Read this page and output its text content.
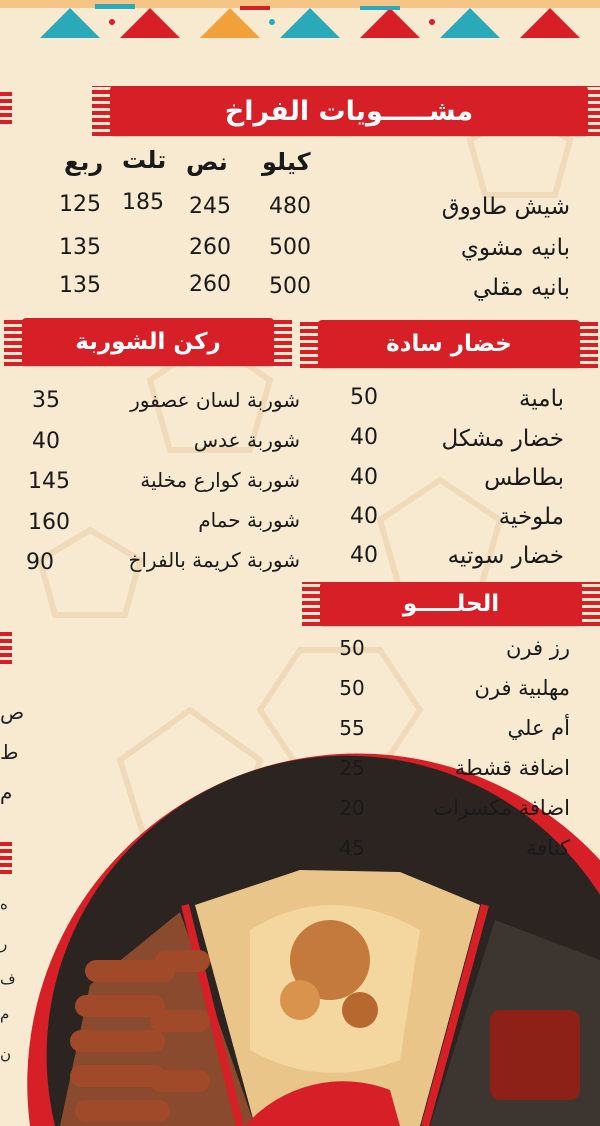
ص
ط
م
ه
ر
ف
م
ن
مشـــــويات الفراخ
كيلو
نص
تلت
ربع
شيش طاووق
480
245
185
125
بانيه مشوي
500
260
135
بانيه مقلي
500
260
135
ركن الشوربة
شوربة لسان عصفور
35
شوربة عدس
40
شوربة كوارع مخلية
145
شوربة حمام
160
شوربة كريمة بالفراخ
90
خضار سادة
بامية
50
خضار مشكل
40
بطاطس
40
ملوخية
40
خضار سوتيه
40
الحلـــــو
رز فرن
50
مهلبية فرن
50
أم علي
55
اضافة قشطة
25
اضافة مكسرات
20
كنافة
45
